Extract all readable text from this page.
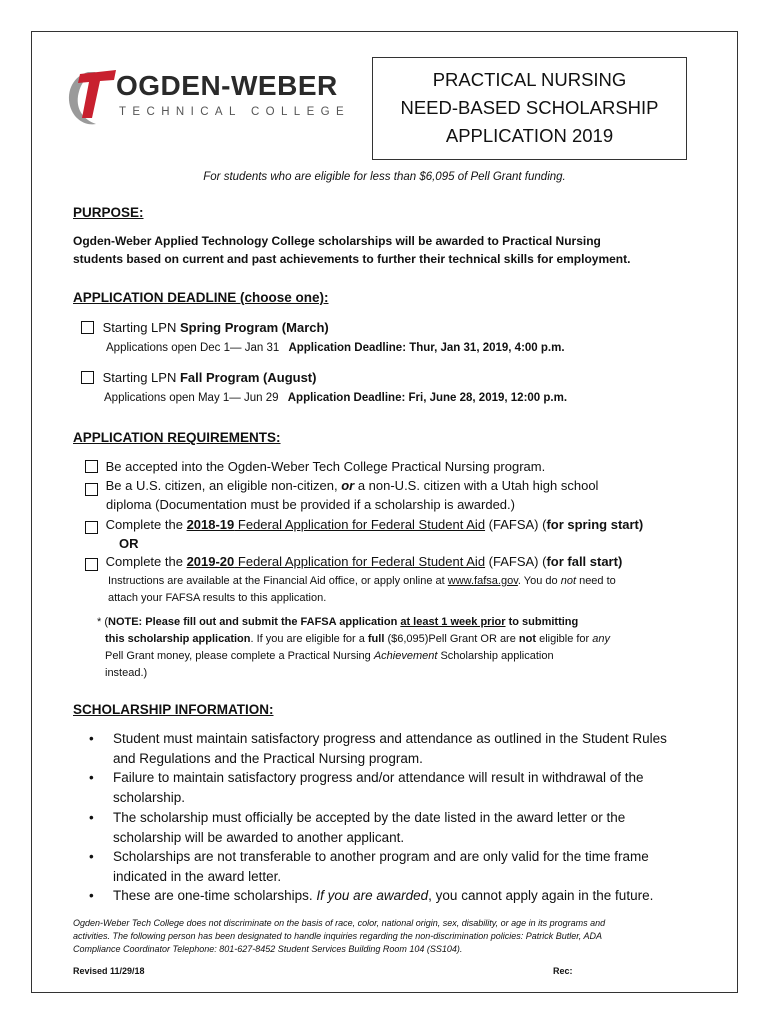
OGDEN-WEBER
TECHNICAL COLLEGE
PRACTICAL NURSING
NEED-BASED SCHOLARSHIP
APPLICATION 2019
For students who are eligible for less than $6,095 of Pell Grant funding.
PURPOSE:
Ogden-Weber Applied Technology College scholarships will be awarded to Practical Nursing
students based on current and past achievements to further their technical skills for employment.
APPLICATION DEADLINE (choose one):
Starting LPN Spring Program (March)
Applications open Dec 1— Jan 31 Application Deadline: Thur, Jan 31, 2019, 4:00 p.m.
Starting LPN Fall Program (August)
Applications open May 1— Jun 29 Application Deadline: Fri, June 28, 2019, 12:00 p.m.
APPLICATION REQUIREMENTS:
Be accepted into the Ogden-Weber Tech College Practical Nursing program.
Be a U.S. citizen, an eligible non-citizen, or a non-U.S. citizen with a Utah high school
diploma (Documentation must be provided if a scholarship is awarded.)
Complete the 2018-19 Federal Application for Federal Student Aid (FAFSA) (for spring start)
OR
Complete the 2019-20 Federal Application for Federal Student Aid (FAFSA) (for fall start)
Instructions are available at the Financial Aid office, or apply online at www.fafsa.gov. You do not need to
attach your FAFSA results to this application.
* (NOTE: Please fill out and submit the FAFSA application at least 1 week prior to submitting
this scholarship application. If you are eligible for a full ($6,095)Pell Grant OR are not eligible for any
Pell Grant money, please complete a Practical Nursing Achievement Scholarship application
instead.)
SCHOLARSHIP INFORMATION:
• Student must maintain satisfactory progress and attendance as outlined in the Student Rules
and Regulations and the Practical Nursing program.
• Failure to maintain satisfactory progress and/or attendance will result in withdrawal of the
scholarship.
• The scholarship must officially be accepted by the date listed in the award letter or the
scholarship will be awarded to another applicant.
• Scholarships are not transferable to another program and are only valid for the time frame
indicated in the award letter.
• These are one-time scholarships. If you are awarded, you cannot apply again in the future.
Ogden-Weber Tech College does not discriminate on the basis of race, color, national origin, sex, disability, or age in its programs and
activities. The following person has been designated to handle inquiries regarding the non-discrimination policies: Patrick Butler, ADA
Compliance Coordinator Telephone: 801-627-8452 Student Services Building Room 104 (SS104).
Revised 11/29/18	Rec:
